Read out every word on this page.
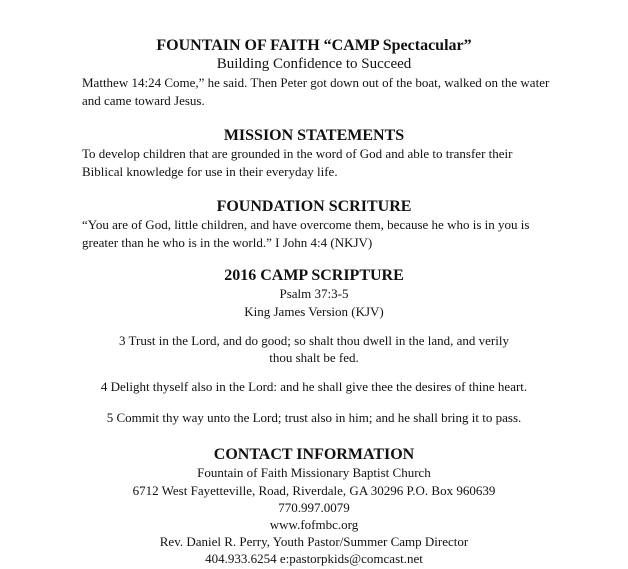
FOUNTAIN OF FAITH “CAMP Spectacular”
Building Confidence to Succeed
Matthew 14:24 Come,” he said. Then Peter got down out of the boat, walked on the water
and came toward Jesus.
MISSION STATEMENTS
To develop children that are grounded in the word of God and able to transfer their
Biblical knowledge for use in their everyday life.
FOUNDATION SCRITURE
“You are of God, little children, and have overcome them, because he who is in you is
greater than he who is in the world.” I John 4:4 (NKJV)
2016 CAMP SCRIPTURE
Psalm 37:3-5
King James Version (KJV)
3 Trust in the Lord, and do good; so shalt thou dwell in the land, and verily
thou shalt be fed.
4 Delight thyself also in the Lord: and he shall give thee the desires of thine heart.
5 Commit thy way unto the Lord; trust also in him; and he shall bring it to pass.
CONTACT INFORMATION
Fountain of Faith Missionary Baptist Church
6712 West Fayetteville, Road, Riverdale, GA 30296 P.O. Box 960639
770.997.0079
www.fofmbc.org
Rev. Daniel R. Perry, Youth Pastor/Summer Camp Director
404.933.6254 e:pastorpkids@comcast.net
